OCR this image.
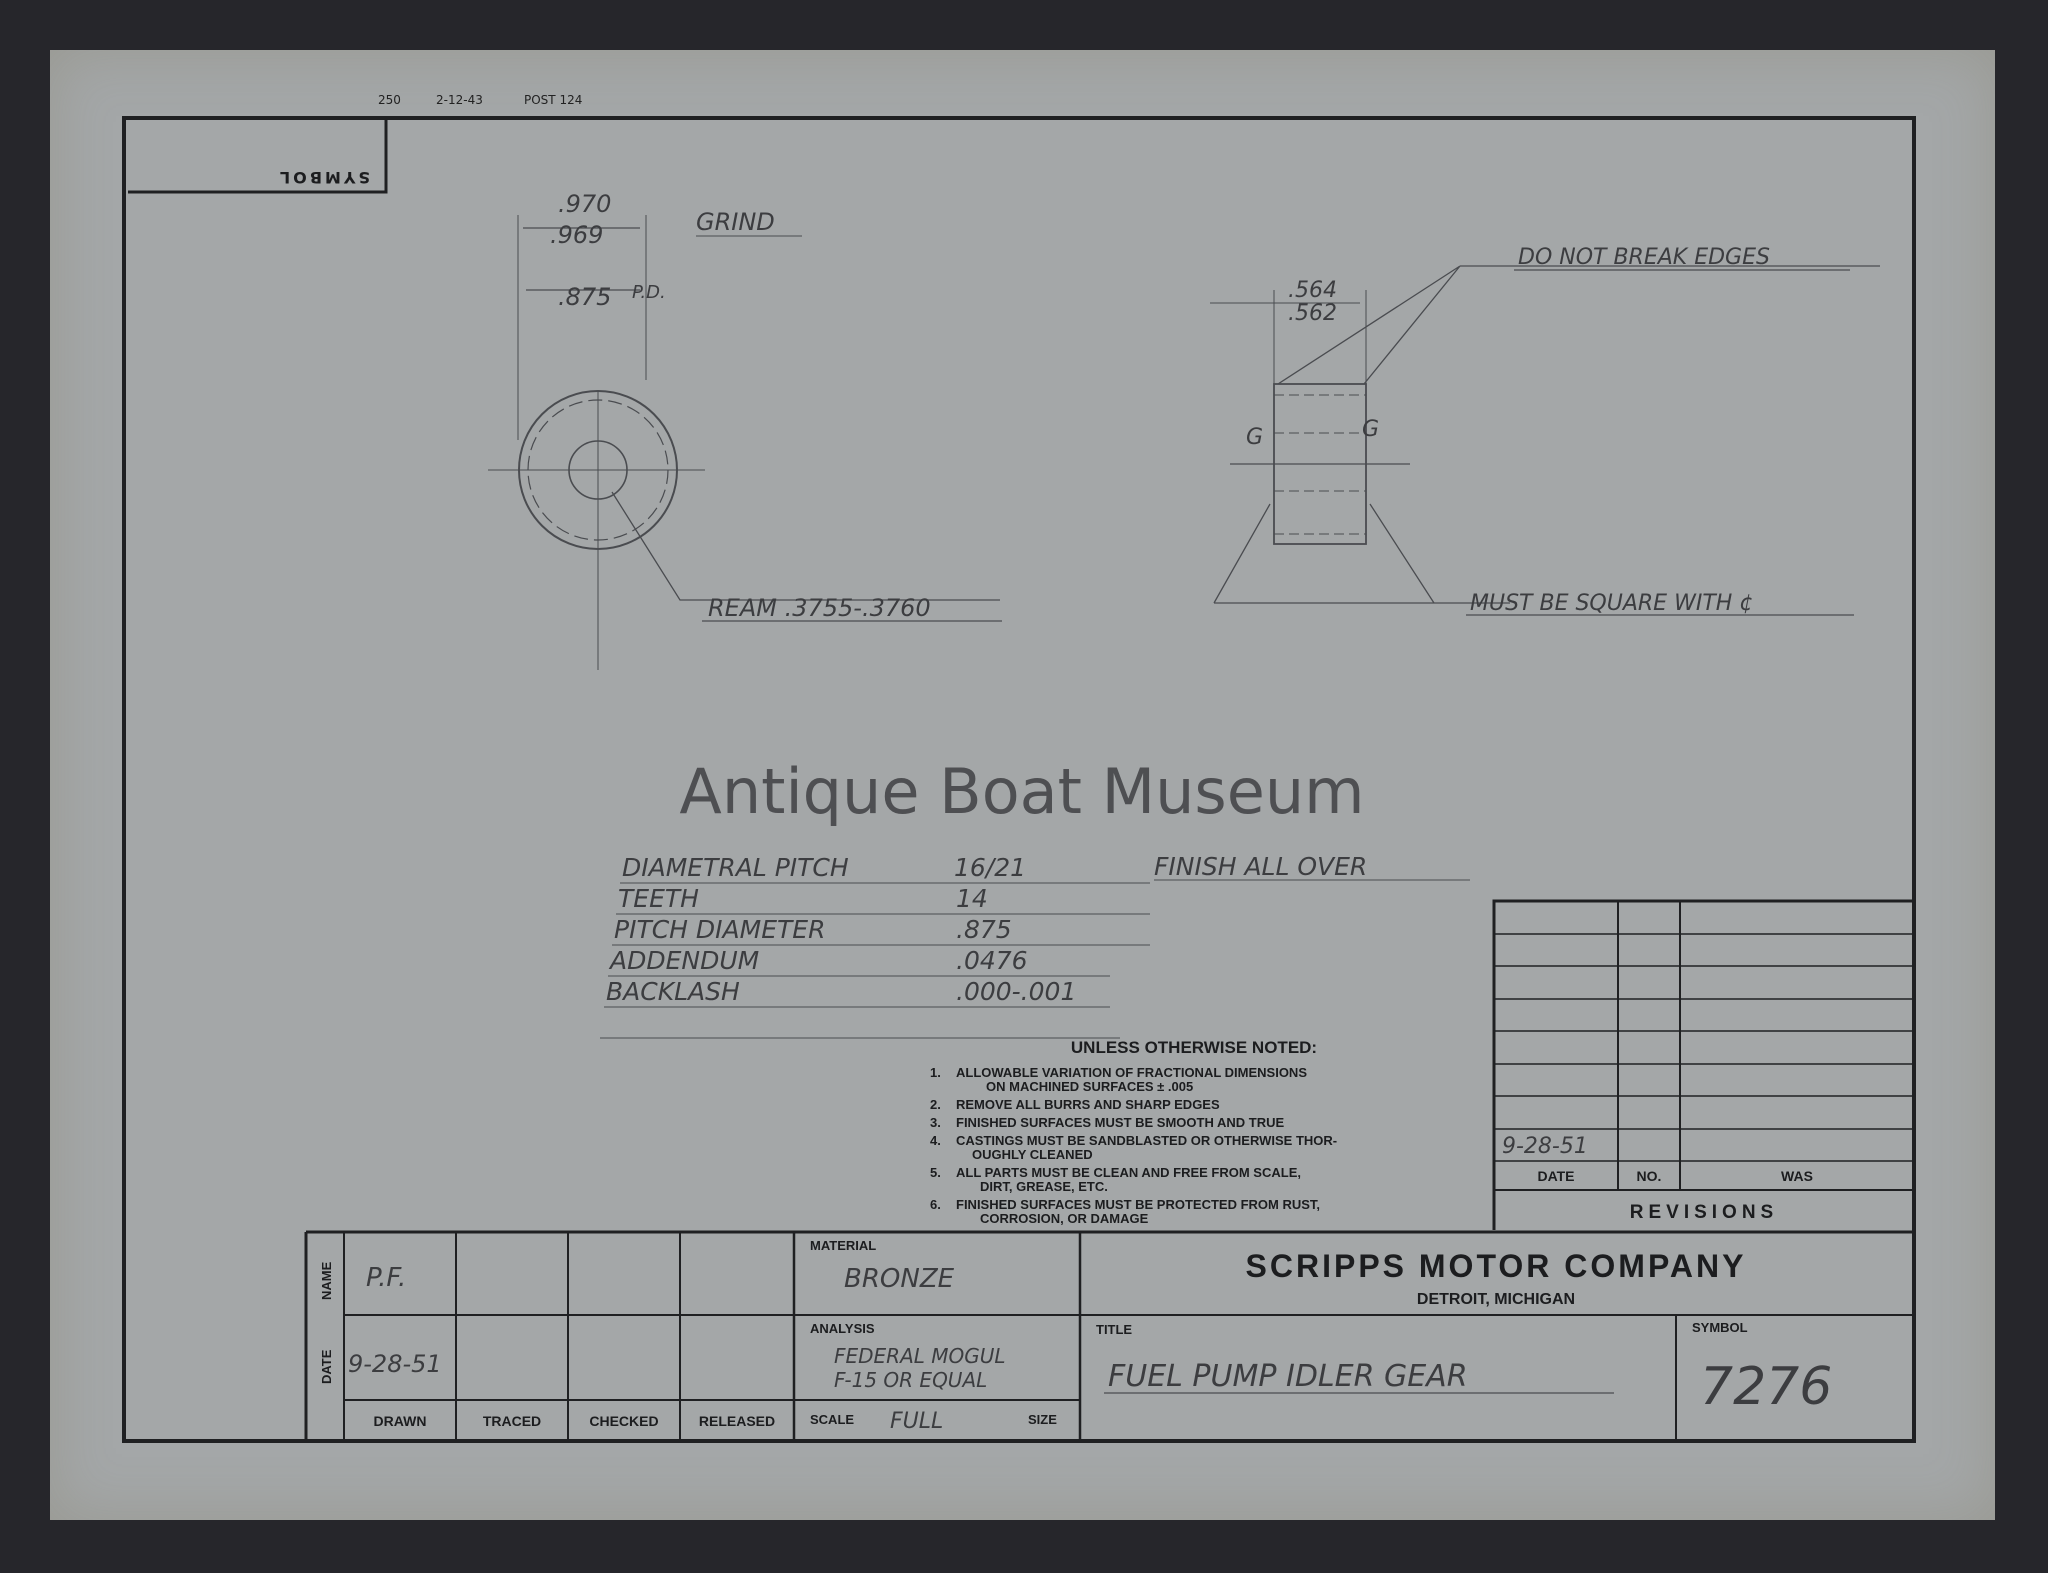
250	2-12-43	POST 124
SYMBOL
.970
.969	GRIND
.875 P.D.
REAM .3755-.3760
.564
.562
DO NOT BREAK EDGES
G	G
MUST BE SQUARE WITH ¢
Antique Boat Museum
DIAMETRAL PITCH	16/21
TEETH	14
PITCH DIAMETER	.875
ADDENDUM	.0476
BACKLASH	.000-.001
FINISH ALL OVER
UNLESS OTHERWISE NOTED:
1. ALLOWABLE VARIATION OF FRACTIONAL DIMENSIONS
ON MACHINED SURFACES ± .005
2. REMOVE ALL BURRS AND SHARP EDGES
3. FINISHED SURFACES MUST BE SMOOTH AND TRUE
4. CASTINGS MUST BE SANDBLASTED OR OTHERWISE THOR-
OUGHLY CLEANED
5. ALL PARTS MUST BE CLEAN AND FREE FROM SCALE,
DIRT, GREASE, ETC.
6. FINISHED SURFACES MUST BE PROTECTED FROM RUST,
CORROSION, OR DAMAGE
9-28-51
DATE	NO.	WAS
REVISIONS
NAME
DATE
P.F.
9-28-51
DRAWN	TRACED	CHECKED	RELEASED
MATERIAL
BRONZE
ANALYSIS
FEDERAL MOGUL
F-15 OR EQUAL
SCALE FULL	SIZE
SCRIPPS MOTOR COMPANY
DETROIT, MICHIGAN
TITLE
FUEL PUMP IDLER GEAR
SYMBOL
7276
